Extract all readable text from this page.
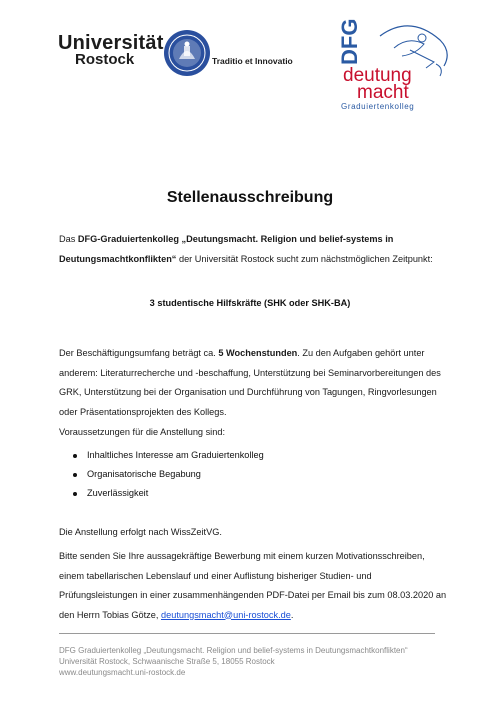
Universität
Rostock	Traditio et Innovatio DFG
deutung
macht
Graduiertenkolleg
Stellenausschreibung
Das DFG-Graduiertenkolleg „Deutungsmacht. Religion und belief-systems in Deutungsmachtkonflikten“ der Universität Rostock sucht zum nächstmöglichen Zeitpunkt:
3 studentische Hilfskräfte (SHK oder SHK-BA)
Der Beschäftigungsumfang beträgt ca. 5 Wochenstunden. Zu den Aufgaben gehört unter anderem: Literaturrecherche und -beschaffung, Unterstützung bei Seminarvorbereitungen des GRK, Unterstützung bei der Organisation und Durchführung von Tagungen, Ringvorlesungen oder Präsentationsprojekten des Kollegs.
Voraussetzungen für die Anstellung sind:
Inhaltliches Interesse am Graduiertenkolleg
Organisatorische Begabung
Zuverlässigkeit
Die Anstellung erfolgt nach WissZeitVG.
Bitte senden Sie Ihre aussagekräftige Bewerbung mit einem kurzen Motivationsschreiben, einem tabellarischen Lebenslauf und einer Auflistung bisheriger Studien- und Prüfungsleistungen in einer zusammenhängenden PDF-Datei per Email bis zum 08.03.2020 an den Herrn Tobias Götze, deutungsmacht@uni-rostock.de.
DFG Graduiertenkolleg „Deutungsmacht. Religion und belief-systems in Deutungsmachtkonflikten“
Universität Rostock, Schwaanische Straße 5, 18055 Rostock
www.deutungsmacht.uni-rostock.de
